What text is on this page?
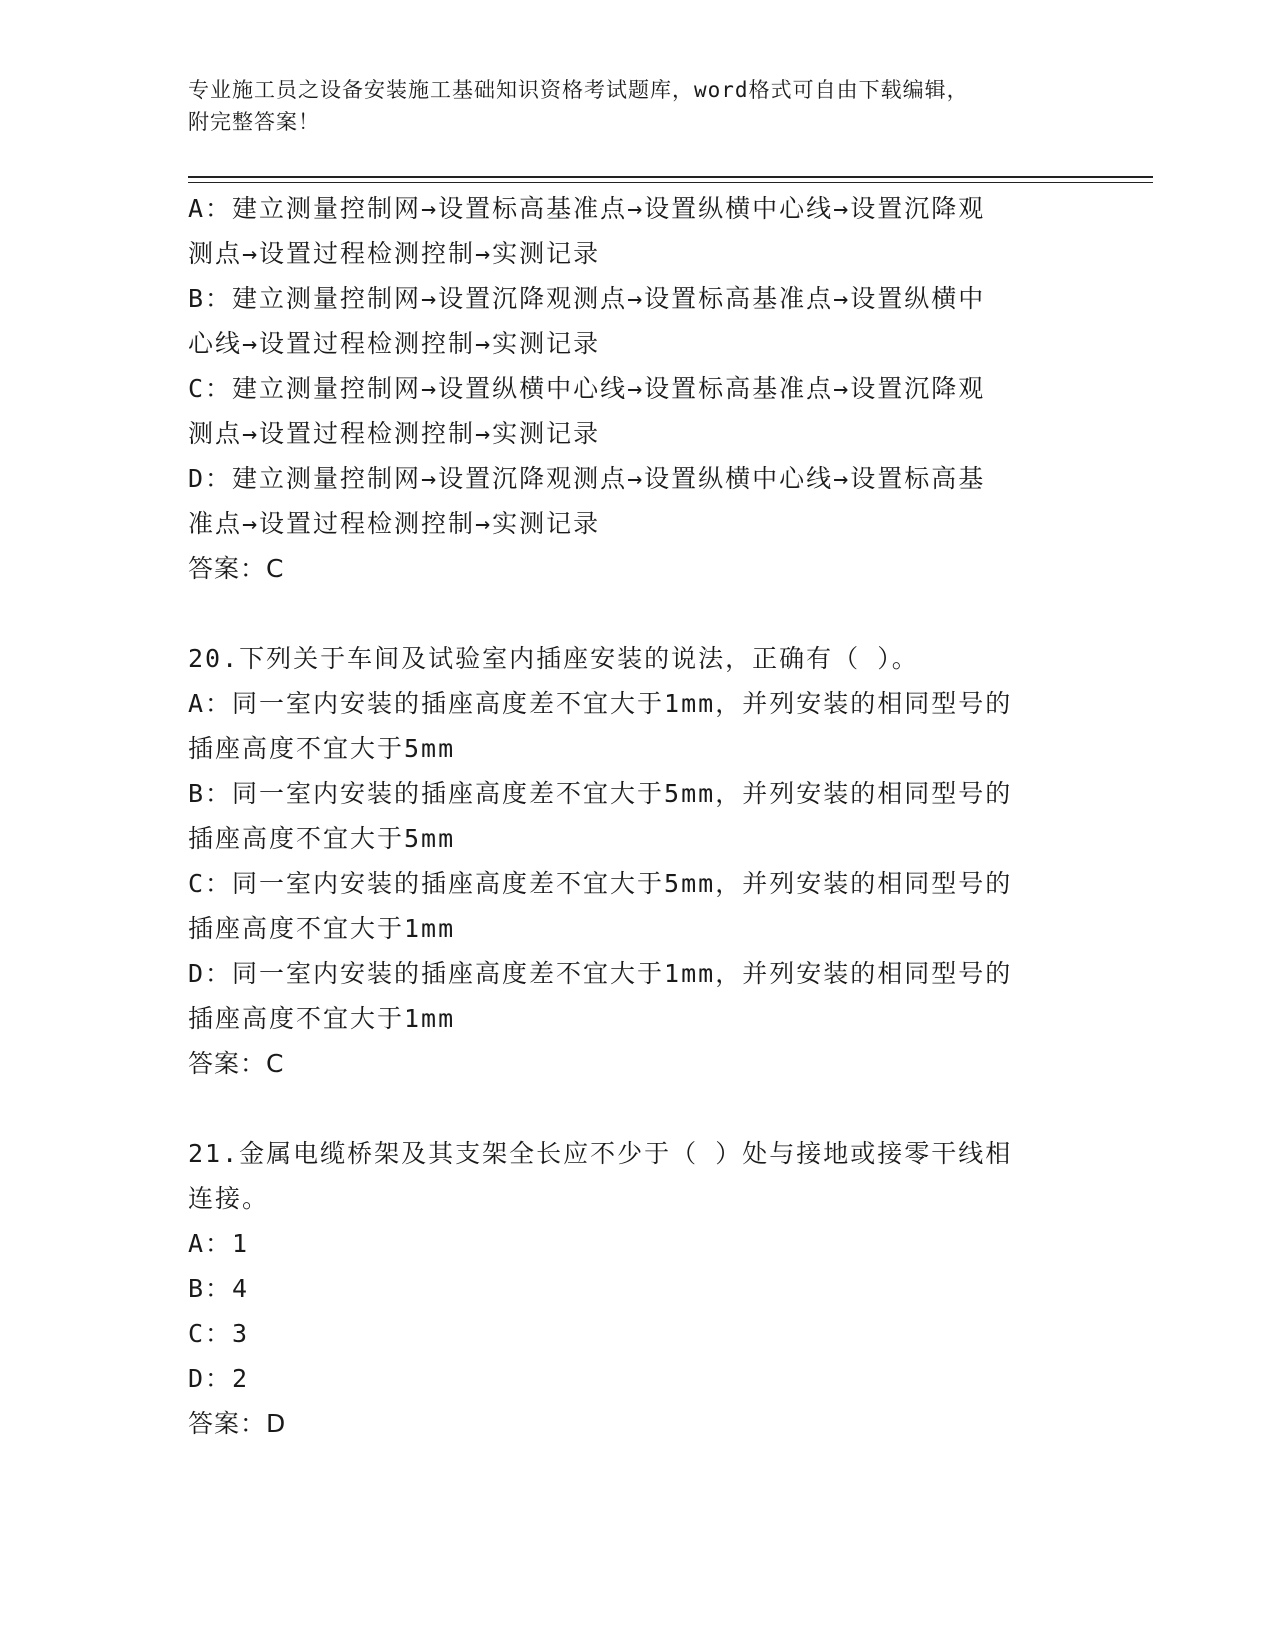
专业施工员之设备安装施工基础知识资格考试题库，word格式可自由下载编辑，
附完整答案！
A：建立测量控制网→设置标高基准点→设置纵横中心线→设置沉降观
测点→设置过程检测控制→实测记录
B：建立测量控制网→设置沉降观测点→设置标高基准点→设置纵横中
心线→设置过程检测控制→实测记录
C：建立测量控制网→设置纵横中心线→设置标高基准点→设置沉降观
测点→设置过程检测控制→实测记录
D：建立测量控制网→设置沉降观测点→设置纵横中心线→设置标高基
准点→设置过程检测控制→实测记录
答案：C
20.下列关于车间及试验室内插座安装的说法，正确有（ ）。
A：同一室内安装的插座高度差不宜大于1mm，并列安装的相同型号的
插座高度不宜大于5mm
B：同一室内安装的插座高度差不宜大于5mm，并列安装的相同型号的
插座高度不宜大于5mm
C：同一室内安装的插座高度差不宜大于5mm，并列安装的相同型号的
插座高度不宜大于1mm
D：同一室内安装的插座高度差不宜大于1mm，并列安装的相同型号的
插座高度不宜大于1mm
答案：C
21.金属电缆桥架及其支架全长应不少于（ ）处与接地或接零干线相
连接。
A：1
B：4
C：3
D：2
答案：D
